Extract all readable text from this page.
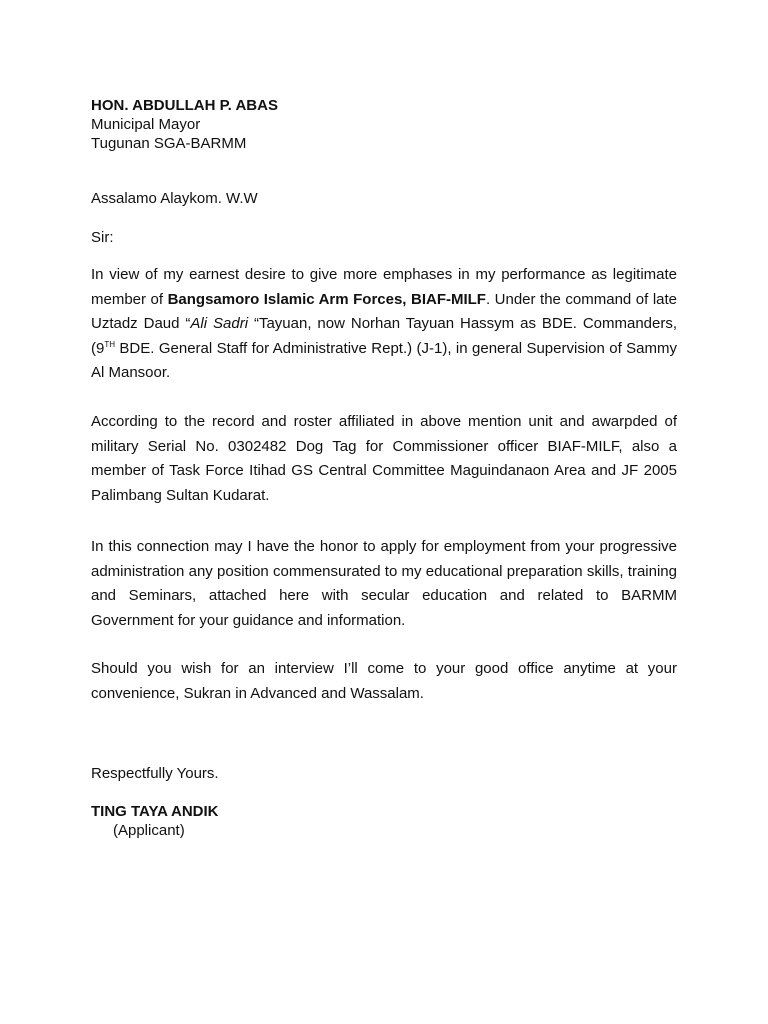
HON. ABDULLAH P. ABAS
Municipal Mayor
Tugunan SGA-BARMM
Assalamo Alaykom. W.W
Sir:

In view of my earnest desire to give more emphases in my performance as legitimate member of Bangsamoro Islamic Arm Forces, BIAF-MILF. Under the command of late Uztadz Daud “Ali Sadri “Tayuan, now Norhan Tayuan Hassym as BDE. Commanders, (9TH BDE. General Staff for Administrative Rept.) (J-1), in general Supervision of Sammy Al Mansoor.

According to the record and roster affiliated in above mention unit and awarpded of military Serial No. 0302482 Dog Tag for Commissioner officer BIAF-MILF, also a member of Task Force Itihad GS Central Committee Maguindanaon Area and JF 2005 Palimbang Sultan Kudarat.

In this connection may I have the honor to apply for employment from your progressive administration any position commensurated to my educational preparation skills, training and Seminars, attached here with secular education and related to BARMM Government for your guidance and information.

Should you wish for an interview I’ll come to your good office anytime at your convenience, Sukran in Advanced and Wassalam.

Respectfully Yours.
TING TAYA ANDIK
(Applicant)
